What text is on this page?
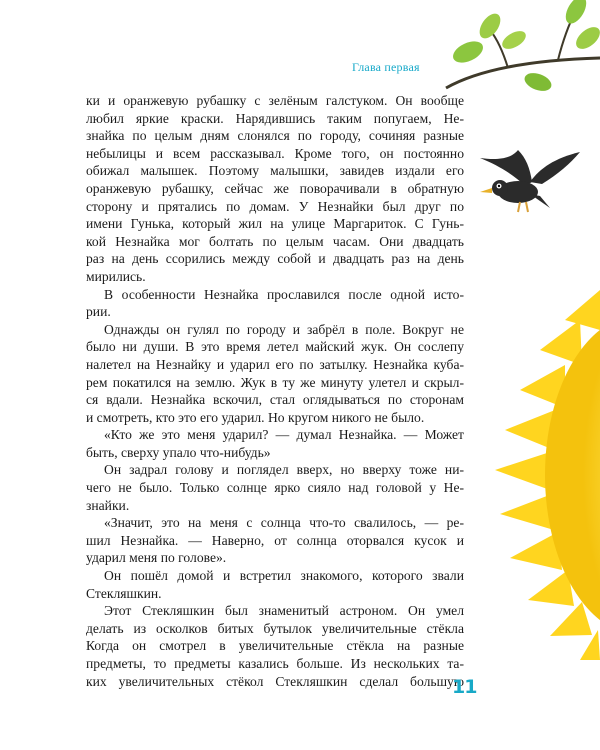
Глава первая

ки и оранжевую рубашку с зелёным галстуком. Он вообще
любил яркие краски. Нарядившись таким попугаем, Не-
знайка по целым дням слонялся по городу, сочиняя разные
небылицы и всем рассказывал. Кроме того, он постоянно
обижал малышек. Поэтому малышки, завидев издали его
оранжевую рубашку, сейчас же поворачивали в обратную
сторону и прятались по домам. У Незнайки был друг по
имени Гунька, который жил на улице Маргариток. С Гунь-
кой Незнайка мог болтать по целым часам. Они двадцать
раз на день ссорились между собой и двадцать раз на день
мирились.

В особенности Незнайка прославился после одной исто-
рии.

Однажды он гулял по городу и забрёл в поле. Вокруг не
было ни души. В это время летел майский жук. Он сослепу
налетел на Незнайку и ударил его по затылку. Незнайка куба-
рем покатился на землю. Жук в ту же минуту улетел и скрыл-
ся вдали. Незнайка вскочил, стал оглядываться по сторонам
и смотреть, кто это его ударил. Но кругом никого не было.

«Кто же это меня ударил? — думал Незнайка. — Может
быть, сверху упало что-нибудь»

Он задрал голову и поглядел вверх, но вверху тоже ни-
чего не было. Только солнце ярко сияло над головой у Не-
знайки.

«Значит, это на меня с солнца что-то свалилось, — ре-
шил Незнайка. — Наверно, от солнца оторвался кусок и
ударил меня по голове».

Он пошёл домой и встретил знакомого, которого звали
Стекляшкин.

Этот Стекляшкин был знаменитый астроном. Он умел
делать из осколков битых бутылок увеличительные стёкла
Когда он смотрел в увеличительные стёкла на разные
предметы, то предметы казались больше. Из нескольких та-
ких увеличительных стёкол Стекляшкин сделал большую

11
